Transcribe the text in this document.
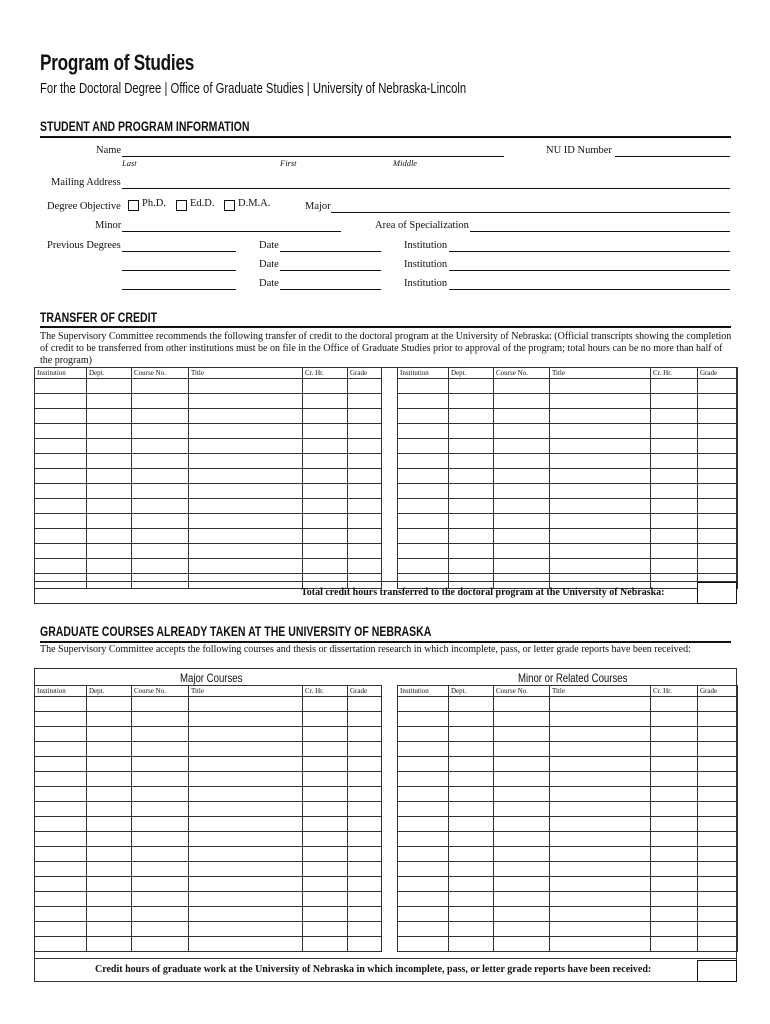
Program of Studies
For the Doctoral Degree | Office of Graduate Studies | University of Nebraska-Lincoln
STUDENT AND PROGRAM INFORMATION
Name
Last	First	Middle
NU ID Number
Mailing Address
Degree Objective Ph.D. Ed.D. D.M.A.	Major
Minor	Area of Specialization
Previous Degrees	Date	Institution
Date	Institution
Date	Institution
TRANSFER OF CREDIT
The Supervisory Committee recommends the following transfer of credit to the doctoral program at the University of Nebraska: (Official transcripts showing the completion of credit to be transferred from other institutions must be on file in the Office of Graduate Studies prior to approval of the program; total hours can be no more than half of the program)
Institution	Dept.	Course No.	Title	Cr. Hr.	Grade

						Institution	Dept.	Course No.	Title	Cr. Hr.	Grade

Total credit hours transferred to the doctoral program at the University of Nebraska:
GRADUATE COURSES ALREADY TAKEN AT THE UNIVERSITY OF NEBRASKA
The Supervisory Committee accepts the following courses and thesis or dissertation research in which incomplete, pass, or letter grade reports have been received:
Major Courses	Minor or Related Courses
Institution	Dept.	Course No.	Title	Cr. Hr.	Grade

						Institution	Dept.	Course No.	Title	Cr. Hr.	Grade

Credit hours of graduate work at the University of Nebraska in which incomplete, pass, or letter grade reports have been received:
